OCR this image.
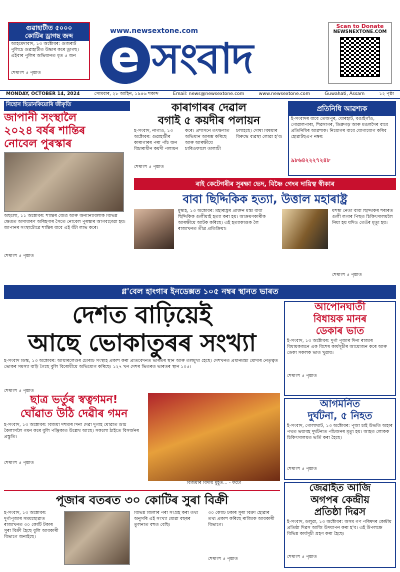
গুৱাহাটীত ৫০০০
কোটিৰ ড্ৰাগছ জব্দ
আহমেদাবাদ, ১৩ অক্টোবৰ: গুজৰাট পুলিচে গুৱাহাটীত উদ্ধাৰ কৰে ড্ৰাগছ। এইবাৰ পুলিৰ অভিযানত ধৃত ৫ জন
শেষাংশ ৫ পৃষ্ঠাত
www.newsextone.com
e সংবাদ
Scan to Donate
NEWSNEXTONE.COM
MONDAY, OCTOBER 14, 2024	সোমবাৰ, ২৮ আহিন, ১৯৪৬ শকাব্দ	Email: news@newsextone.com	www.newsextone.com	Guwahati, Assam	১২ পৃষ্ঠা
নিহোন হিডানকিয়োৰি জীকৃতি
জাপানী সংস্থালৈ
২০২৪ বৰ্ষৰ শান্তিৰ
নোবেল পুৰস্কাৰ
অছলো, ১১ অক্টোবৰ: শান্তিৰ জেত্ৰ আৰু অন্যান্যবিলাক বিভিন্ন ক্ষেত্ৰত অসাধাৰণ অৰিহণাৰ সৈতে নোবেল পুৰস্কাৰ আগবঢ়োৱা হয়। জাপানৰ সংস্থাটোৱে শান্তিৰ বাবে এই বঁটা লাভ কৰে।
শেষাংশ ৫ পৃষ্ঠাত
কাৰাগাৰৰ দেৱাল
বগাই ৫ কয়দীৰ পলায়ন
ই-সংবাদ, নাগাঁও, ১৩ অক্টোবৰ: গুৱাহাটীৰ কাৰাগাৰৰ পৰা পাঁচ জন বিচাৰাধীন কয়দী পলায়ন কৰে। প্ৰশাসনে তৎক্ষণাত অভিযান আৰম্ভ কৰিছে আৰু আৰক্ষীয়ে চাৰিওফালে তালাচী চলাইছে। দোষী বিষয়াৰ বিৰুদ্ধে ব্যৱস্থা লোৱা হ'ব।
শেষাংশ ৫ পৃষ্ঠাত
প্ৰতিনিধি আৱশ্যক
ই-সংবাদৰ বাবে তেজপুৰ, যোৰহাট, বঙাইগাঁও, গোৱালপাৰা, শিৱসাগৰ, ডিব্ৰুগড় আৰু মঙলদৈৰ বাবে প্ৰতিনিধিৰ আৱশ্যক। নিয়োগৰ বাবে যোগাযোগ কৰিব হোৱাটছএপ নম্বৰ:
৯৮৬৪২২২৭২৪৮
ৰাই কেটেগৰীৰ সুৰক্ষা ভেদ, বিষ্ণৈ গেংৰ দায়িত্ব স্বীকাৰ
বাবা ছিদ্দিকিক হত্যা, উত্তাল মহাৰাষ্ট্ৰ
মুম্বাই, ১৩ অক্টোবৰ: মহাৰাষ্ট্ৰৰ প্ৰাক্তন মন্ত্ৰী বাবা ছিদ্দিকিক গুলীয়াই হত্যা কৰা হয়। আক্ৰমণকাৰীক আৰক্ষীয়ে আটক কৰিছে। এই হত্যাকাণ্ডক লৈ ৰাজ্যখনত তীব্ৰ প্ৰতিক্ৰিয়া।
যশস্বী নেতা বাবা ছিদ্দিকিৰ শৰীৰত গুলী লগাৰ পিছত চিকিৎসালয়লৈ নিয়া হয় যদিও তেওঁৰ মৃত্যু হয়।
শেষাংশ ৫ পৃষ্ঠাত
গ্ল'বেল হাংগাৰ ইনডেক্সত ১০৫ নম্বৰ স্থানত ভাৰত
দেশত বাঢ়িয়েই
আছে ভোকাতুৰৰ সংখ্যা
ই-সংবাদ ডিস্ক, ১৩ অক্টোবৰ: আয়াৰলেণ্ডৰ চেৰিটি সংস্থাই প্ৰকাশ কৰা প্ৰতিবেদনত ভাৰতৰ স্থান আৰু তলমুখী হৈছে। দেশখনত প্ৰধানমন্ত্ৰী মোদীৰ নেতৃত্বত ভোকৰ সমস্যা বাঢ়ি গৈছে বুলি বিৰোধীয়ে অভিযোগ কৰিছে। ১২৭ খন দেশৰ ভিতৰত ভাৰতৰ স্থান ১০৫।
শেষাংশ ৫ পৃষ্ঠাত
ছাত্ৰ ভৰ্তুৰ স্বত্বগমন!
ঘোঁৱাত উঠি দেৱীৰ গমন
ই-সংবাদ, ১৩ অক্টোবৰ: বিজয়া দশমীৰ দিনা দেৱী দুৰ্গাই ঘোঁৱাত উঠি কৈলাসলৈ গমন কৰে বুলি পঞ্জিকাত উল্লেখ আছে। সকলো ঠাইতে বিসৰ্জনৰ প্ৰস্তুতি।
শেষাংশ ৫ পৃষ্ঠাত
বিজয়াৰ বিদায় মুহূৰ্ত... - ফটো
পূজাৰ বতৰত ৩০ কোটিৰ সুৰা বিক্ৰী
ই-সংবাদ, ১৩ অক্টোবৰ: দুৰ্গাপূজাৰ সময়ছোৱাত ৰাজ্যখনত ৩০ কোটি টকাৰ সুৰা বিক্ৰী হৈছে বুলি আবকাৰী বিভাগে জনাইছে।
বিভিন্ন জিলাৰ পৰা সংগ্ৰহ কৰা তথ্য অনুসৰি এই সংখ্যা যোৱা বছৰৰ তুলনাত বহুত বেছি।
৩০ কোটি টকাৰ সুৰা বিক্ৰী হোৱাৰ তথ্য প্ৰকাশ কৰিছে ৰাজ্যিক আবকাৰী বিভাগে।
শেষাংশ ৫ পৃষ্ঠাত
আপোনঘাতী
বিধায়ক মানৰ
ডেকাৰ ভাত
ই-সংবাদ, ১৩ অক্টোবৰ: দুৰ্গা পূজাৰ দিনা ৰাজ্যৰ বিধায়কজনে এক বিশেষ কাৰ্যসূচীৰ আয়োজন কৰে আৰু ডেকা সকলক ভাত খুৱায়।
শেষাংশ ৫ পৃষ্ঠাত
আগমনিত
দুৰ্ঘটনা, ৫ নিহত
ই-সংবাদ, গোলাঘাট, ১৩ অক্টোবৰ: পূজা চাই উভতি অহাৰ পথত ভয়াবহ দুৰ্ঘটনাত পাঁচজনৰ মৃত্যু হয়। আহত লোকক চিকিৎসালয়ত ভৰ্তি কৰা হৈছে।
শেষাংশ ৫ পৃষ্ঠাত
জেৱাইত আজি
অগপৰ কেন্দ্ৰীয়
প্ৰতিষ্ঠা দিৱস
ই-সংবাদ, ডলুৱা, ১৩ অক্টোবৰ: অসম গণ পৰিষদৰ কেন্দ্ৰীয় প্ৰতিষ্ঠা দিৱস আজি উদযাপন কৰা হ'ব। এই উপলক্ষে বিভিন্ন কাৰ্যসূচী গ্ৰহণ কৰা হৈছে।
শেষাংশ ৫ পৃষ্ঠাত
